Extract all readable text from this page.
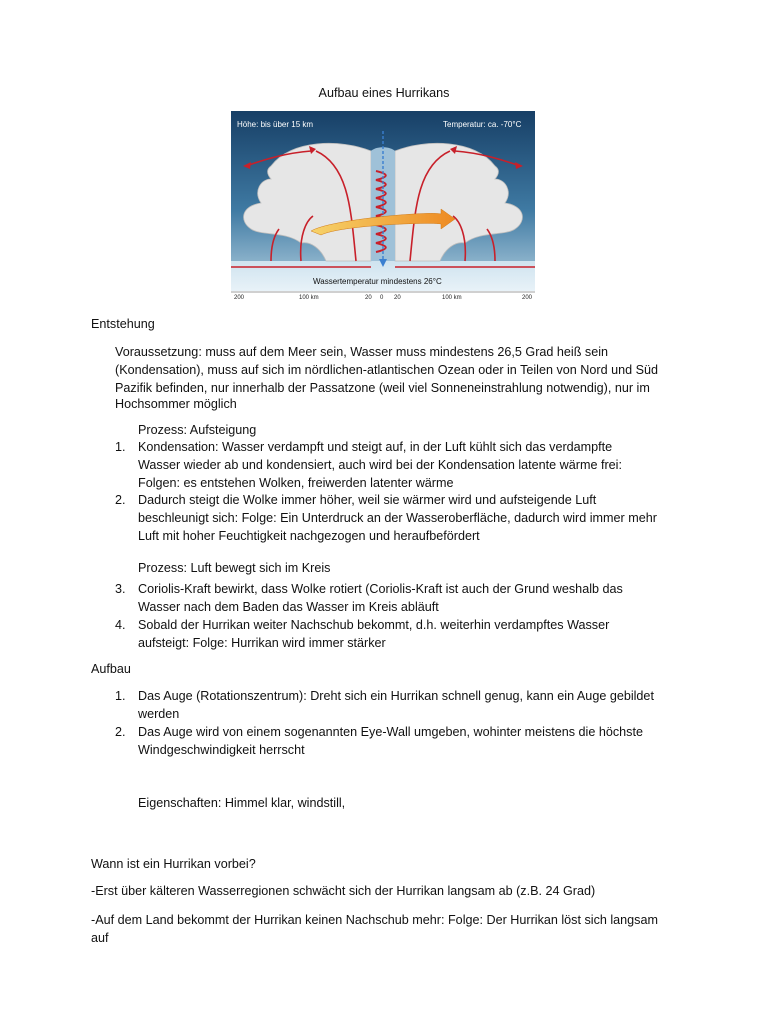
Aufbau eines Hurrikans
Höhe: bis über 15 km	Temperatur: ca. -70°C
Wassertemperatur mindestens 26°C
200	100 km	20 0 20	100 km	200
Entstehung
Voraussetzung: muss auf dem Meer sein, Wasser muss mindestens 26,5 Grad heiß sein
(Kondensation), muss auf sich im nördlichen-atlantischen Ozean oder in Teilen von Nord und Süd
Pazifik befinden, nur innerhalb der Passatzone (weil viel Sonneneinstrahlung notwendig), nur im
Hochsommer möglich
Prozess: Aufsteigung
1. Kondensation: Wasser verdampft und steigt auf, in der Luft kühlt sich das verdampfte
Wasser wieder ab und kondensiert, auch wird bei der Kondensation latente wärme frei:
Folgen: es entstehen Wolken, freiwerden latenter wärme
2. Dadurch steigt die Wolke immer höher, weil sie wärmer wird und aufsteigende Luft
beschleunigt sich: Folge: Ein Unterdruck an der Wasseroberfläche, dadurch wird immer mehr
Luft mit hoher Feuchtigkeit nachgezogen und heraufbefördert
Prozess: Luft bewegt sich im Kreis
3. Coriolis-Kraft bewirkt, dass Wolke rotiert (Coriolis-Kraft ist auch der Grund weshalb das
Wasser nach dem Baden das Wasser im Kreis abläuft
4. Sobald der Hurrikan weiter Nachschub bekommt, d.h. weiterhin verdampftes Wasser
aufsteigt: Folge: Hurrikan wird immer stärker
Aufbau
1. Das Auge (Rotationszentrum): Dreht sich ein Hurrikan schnell genug, kann ein Auge gebildet
werden
2. Das Auge wird von einem sogenannten Eye-Wall umgeben, wohinter meistens die höchste
Windgeschwindigkeit herrscht
Eigenschaften: Himmel klar, windstill,
Wann ist ein Hurrikan vorbei?
-Erst über kälteren Wasserregionen schwächt sich der Hurrikan langsam ab (z.B. 24 Grad)
-Auf dem Land bekommt der Hurrikan keinen Nachschub mehr: Folge: Der Hurrikan löst sich langsam
auf
